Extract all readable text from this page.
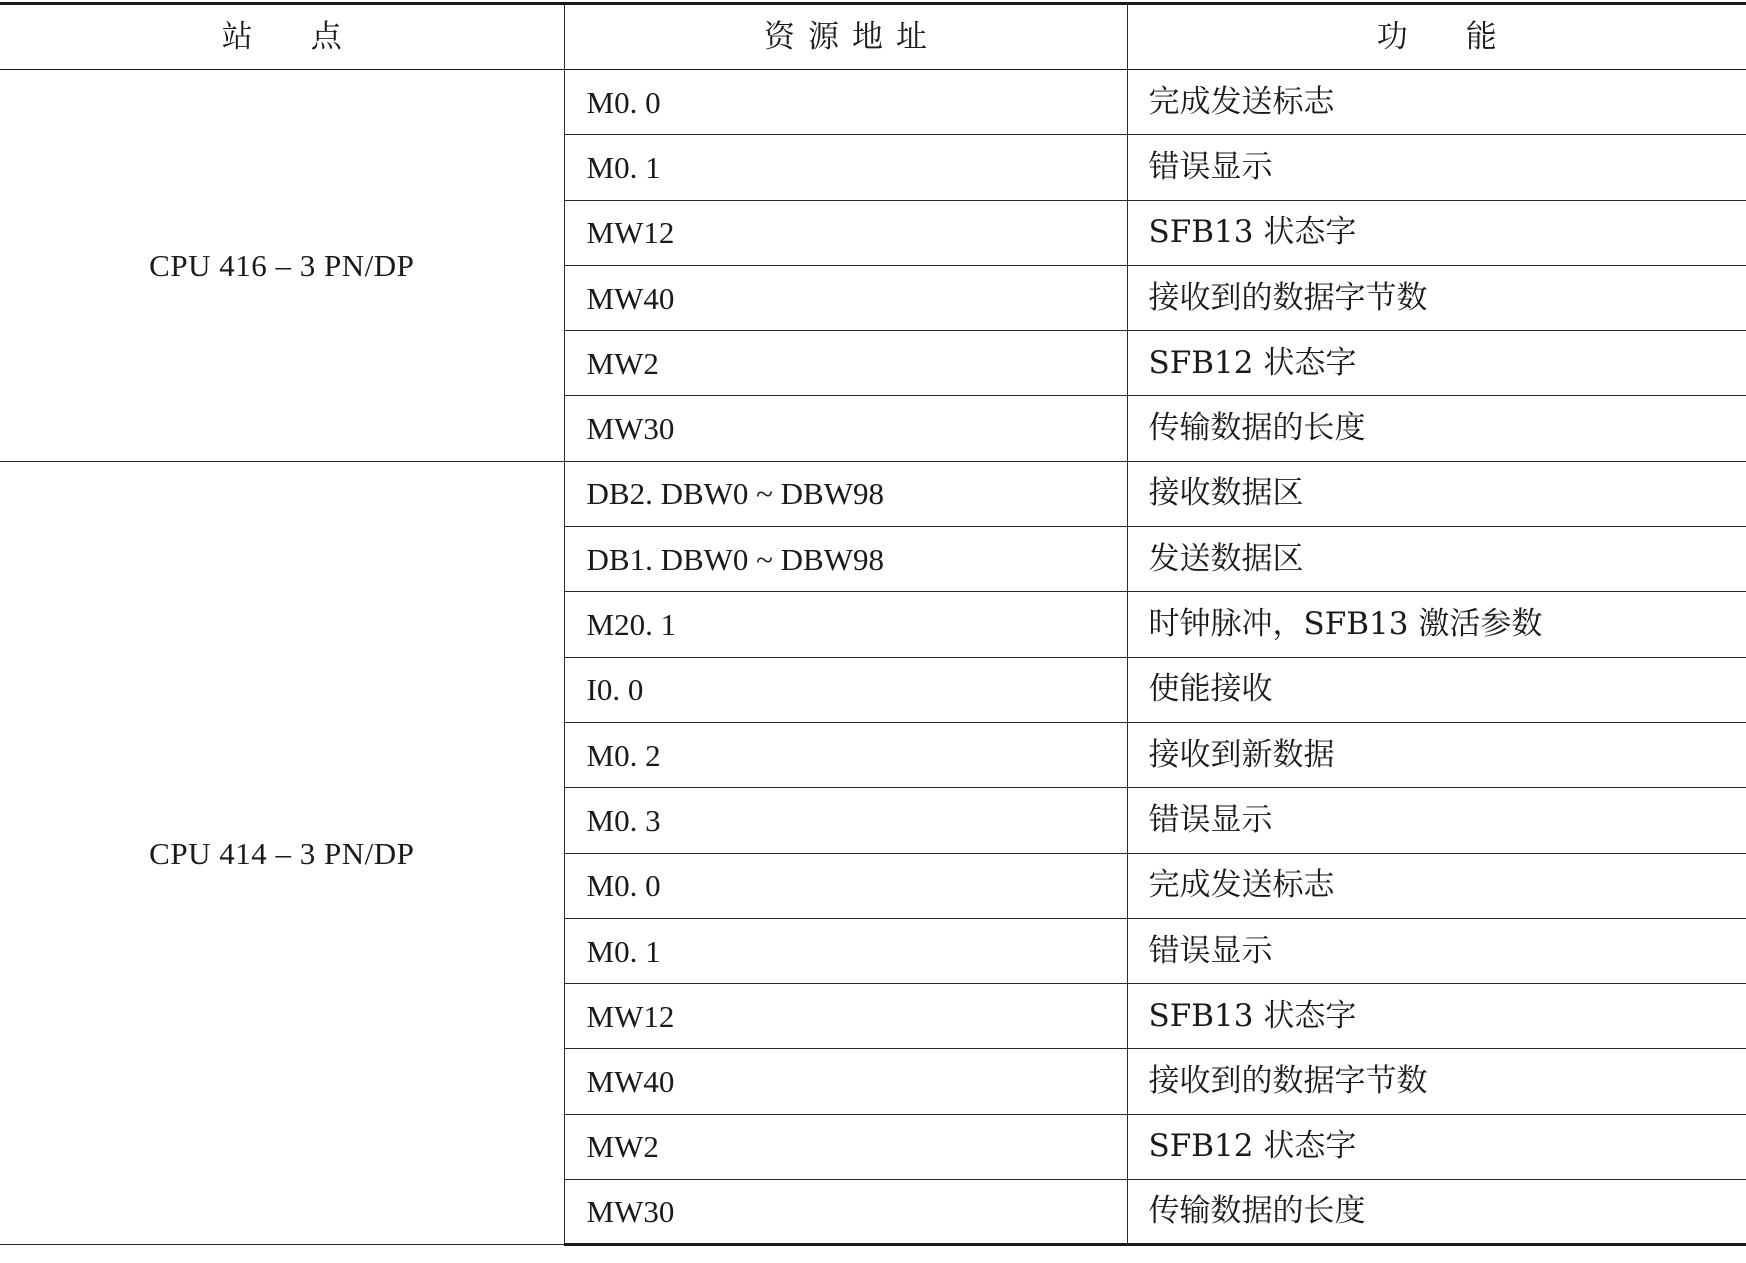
站点	资源地址	功能
CPU 416 – 3 PN/DP	M0. 0	完成发送标志
	M0. 1	错误显示
	MW12	SFB13 状态字
	MW40	接收到的数据字节数
	MW2	SFB12 状态字
	MW30	传输数据的长度
CPU 414 – 3 PN/DP	DB2. DBW0 ~ DBW98	接收数据区
	DB1. DBW0 ~ DBW98	发送数据区
	M20. 1	时钟脉冲，SFB13 激活参数
	I0. 0	使能接收
	M0. 2	接收到新数据
	M0. 3	错误显示
	M0. 0	完成发送标志
	M0. 1	错误显示
	MW12	SFB13 状态字
	MW40	接收到的数据字节数
	MW2	SFB12 状态字
	MW30	传输数据的长度
